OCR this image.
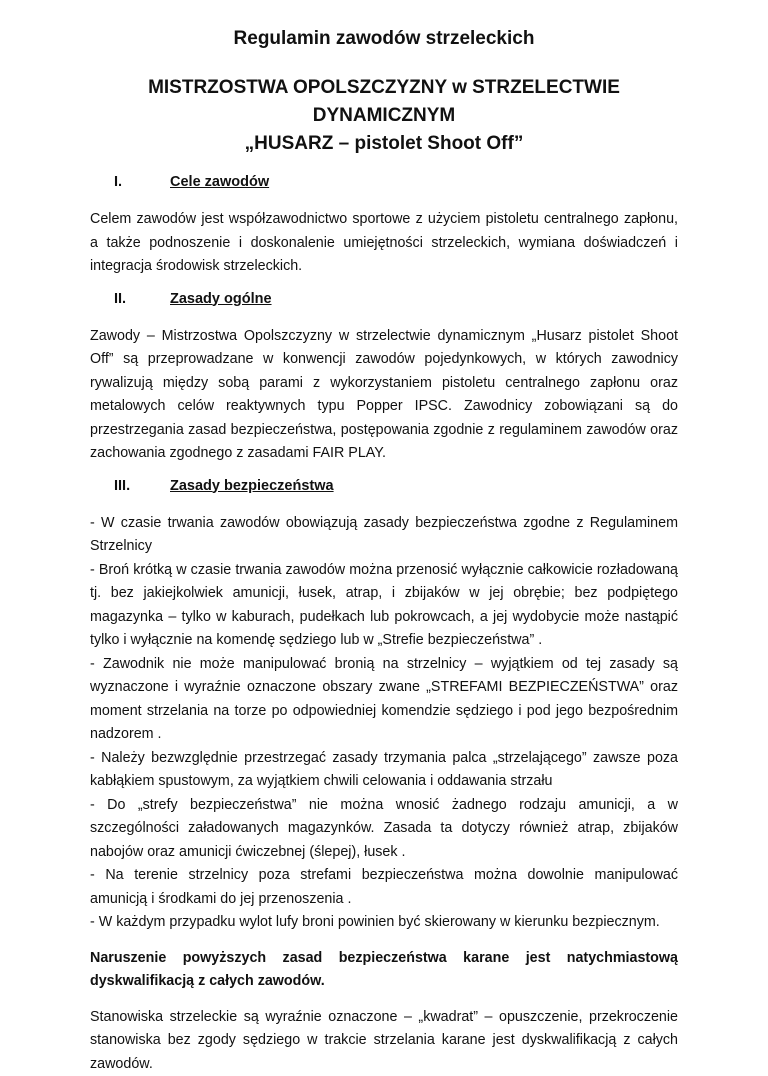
Regulamin zawodów strzeleckich
MISTRZOSTWA OPOLSZCZYZNY w STRZELECTWIE DYNAMICZNYM
„HUSARZ – pistolet Shoot Off”
I.	Cele zawodów

Celem zawodów jest współzawodnictwo sportowe z użyciem pistoletu centralnego zapłonu, a także podnoszenie i doskonalenie umiejętności strzeleckich, wymiana doświadczeń i integracja środowisk strzeleckich.

II.	Zasady ogólne

Zawody – Mistrzostwa Opolszczyzny w strzelectwie dynamicznym „Husarz pistolet Shoot Off” są przeprowadzane w konwencji zawodów pojedynkowych, w których zawodnicy rywalizują między sobą parami z wykorzystaniem pistoletu centralnego zapłonu oraz metalowych celów reaktywnych typu Popper IPSC. Zawodnicy zobowiązani są do przestrzegania zasad bezpieczeństwa, postępowania zgodnie z regulaminem zawodów oraz zachowania zgodnego z zasadami FAIR PLAY.

III.	Zasady bezpieczeństwa

- W czasie trwania zawodów obowiązują zasady bezpieczeństwa zgodne z Regulaminem Strzelnicy

- Broń krótką w czasie trwania zawodów można przenosić wyłącznie całkowicie rozładowaną tj. bez jakiejkolwiek amunicji, łusek, atrap, i zbijaków w jej obrębie; bez podpiętego magazynka – tylko w kaburach, pudełkach lub pokrowcach, a jej wydobycie może nastąpić tylko i wyłącznie na komendę sędziego lub w „Strefie bezpieczeństwa” .

- Zawodnik nie może manipulować bronią na strzelnicy – wyjątkiem od tej zasady są wyznaczone i wyraźnie oznaczone obszary zwane „STREFAMI BEZPIECZEŃSTWA” oraz moment strzelania na torze po odpowiedniej komendzie sędziego i pod jego bezpośrednim nadzorem .

- Należy bezwzględnie przestrzegać zasady trzymania palca „strzelającego” zawsze poza kabłąkiem spustowym, za wyjątkiem chwili celowania i oddawania strzału

- Do „strefy bezpieczeństwa” nie można wnosić żadnego rodzaju amunicji, a w szczególności załadowanych magazynków. Zasada ta dotyczy również atrap, zbijaków nabojów oraz amunicji ćwiczebnej (ślepej), łusek .

- Na terenie strzelnicy poza strefami bezpieczeństwa można dowolnie manipulować amunicją i środkami do jej przenoszenia .

- W każdym przypadku wylot lufy broni powinien być skierowany w kierunku bezpiecznym.

Naruszenie powyższych zasad bezpieczeństwa karane jest natychmiastową dyskwalifikacją z całych zawodów.

Stanowiska strzeleckie są wyraźnie oznaczone – „kwadrat” – opuszczenie, przekroczenie stanowiska bez zgody sędziego w trakcie strzelania karane jest dyskwalifikacją z całych zawodów.
